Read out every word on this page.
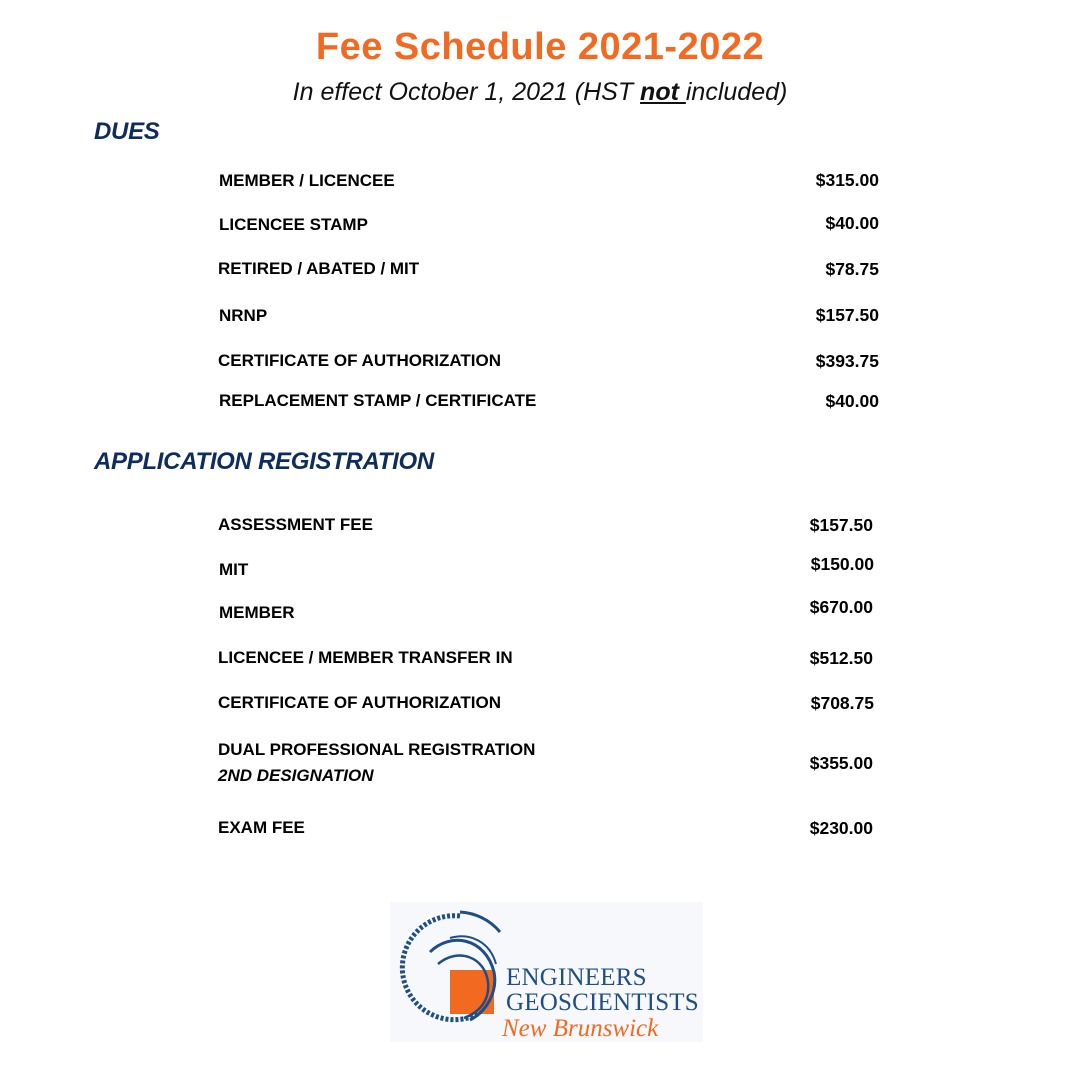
Fee Schedule 2021-2022
In effect October 1, 2021 (HST not included)
DUES
MEMBER / LICENCEE	$315.00
LICENCEE STAMP	$40.00
RETIRED / ABATED / MIT	$78.75
NRNP	$157.50
CERTIFICATE OF AUTHORIZATION	$393.75
REPLACEMENT STAMP / CERTIFICATE	$40.00
APPLICATION REGISTRATION
ASSESSMENT FEE	$157.50
MIT	$150.00
MEMBER	$670.00
LICENCEE / MEMBER TRANSFER IN	$512.50
CERTIFICATE OF AUTHORIZATION	$708.75
DUAL PROFESSIONAL REGISTRATION
2ND DESIGNATION
$355.00
EXAM FEE	$230.00
ENGINEERS
GEOSCIENTISTS
New Brunswick
